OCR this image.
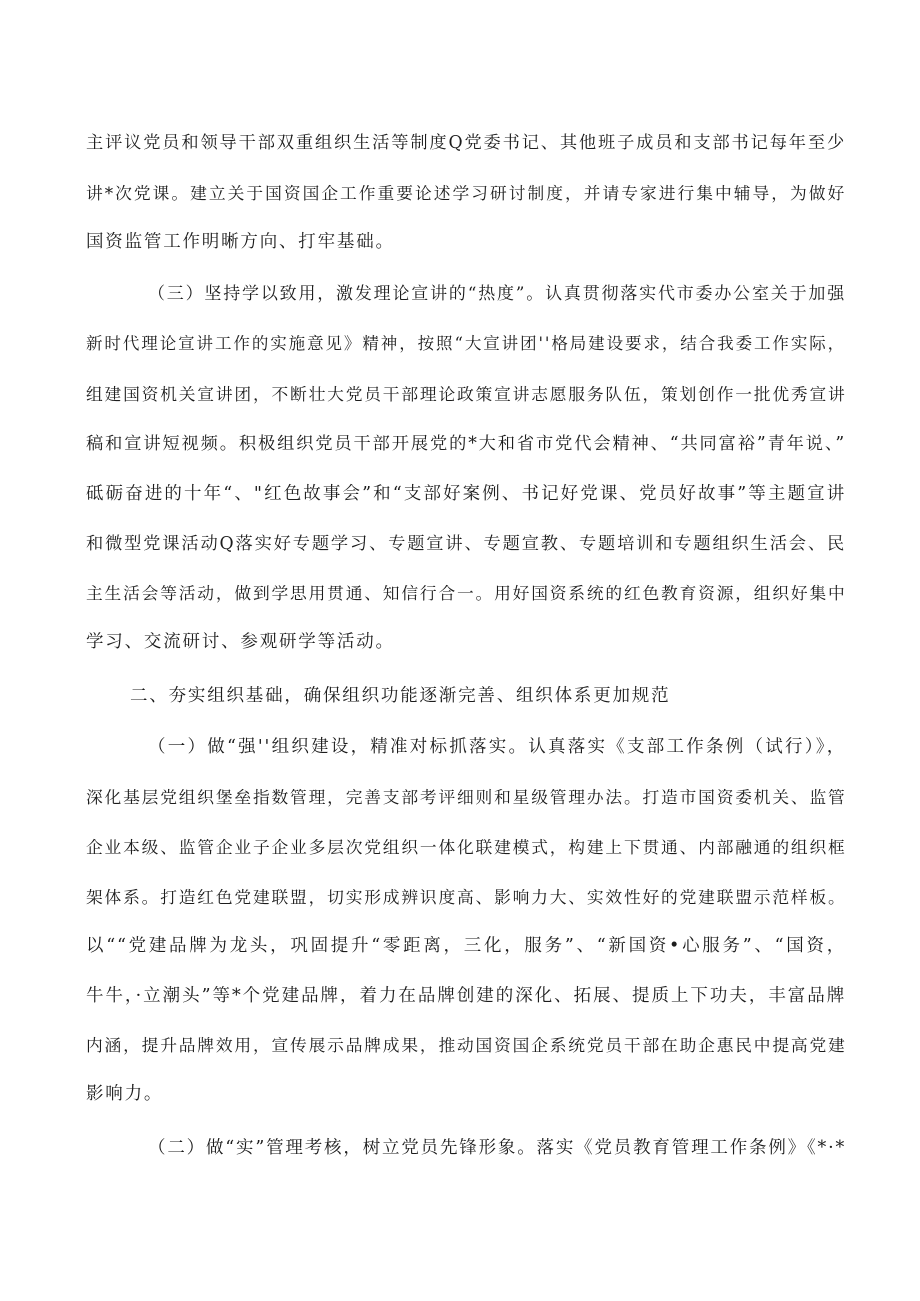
主评议党员和领导干部双重组织生活等制度Q党委书记、其他班子成员和支部书记每年至少

讲*次党课。建立关于国资国企工作重要论述学习研讨制度，并请专家进行集中辅导，为做好

国资监管工作明晰方向、打牢基础。

（三）坚持学以致用，激发理论宣讲的“热度”。认真贯彻落实代市委办公室关于加强

新时代理论宣讲工作的实施意见》精神，按照“大宣讲团''格局建设要求，结合我委工作实际，

组建国资机关宣讲团，不断壮大党员干部理论政策宣讲志愿服务队伍，策划创作一批优秀宣讲

稿和宣讲短视频。积极组织党员干部开展党的*大和省市党代会精神、“共同富裕”青年说、”

砥砺奋进的十年“、"红色故事会”和“支部好案例、书记好党课、党员好故事”等主题宣讲

和微型党课活动Q落实好专题学习、专题宣讲、专题宣教、专题培训和专题组织生活会、民

主生活会等活动，做到学思用贯通、知信行合一。用好国资系统的红色教育资源，组织好集中

学习、交流研讨、参观研学等活动。

二、夯实组织基础，确保组织功能逐渐完善、组织体系更加规范

（一）做“强''组织建设，精准对标抓落实。认真落实《支部工作条例（试行）》，

深化基层党组织堡垒指数管理，完善支部考评细则和星级管理办法。打造市国资委机关、监管

企业本级、监管企业子企业多层次党组织一体化联建模式，构建上下贯通、内部融通的组织框

架体系。打造红色党建联盟，切实形成辨识度高、影响力大、实效性好的党建联盟示范样板。

以““党建品牌为龙头，巩固提升“零距离，三化，服务”、“新国资•心服务”、“国资，

牛牛，·立潮头”等*个党建品牌，着力在品牌创建的深化、拓展、提质上下功夫，丰富品牌

内涵，提升品牌效用，宣传展示品牌成果，推动国资国企系统党员干部在助企惠民中提高党建

影响力。

（二）做“实”管理考核，树立党员先锋形象。落实《党员教育管理工作条例》《*·*
